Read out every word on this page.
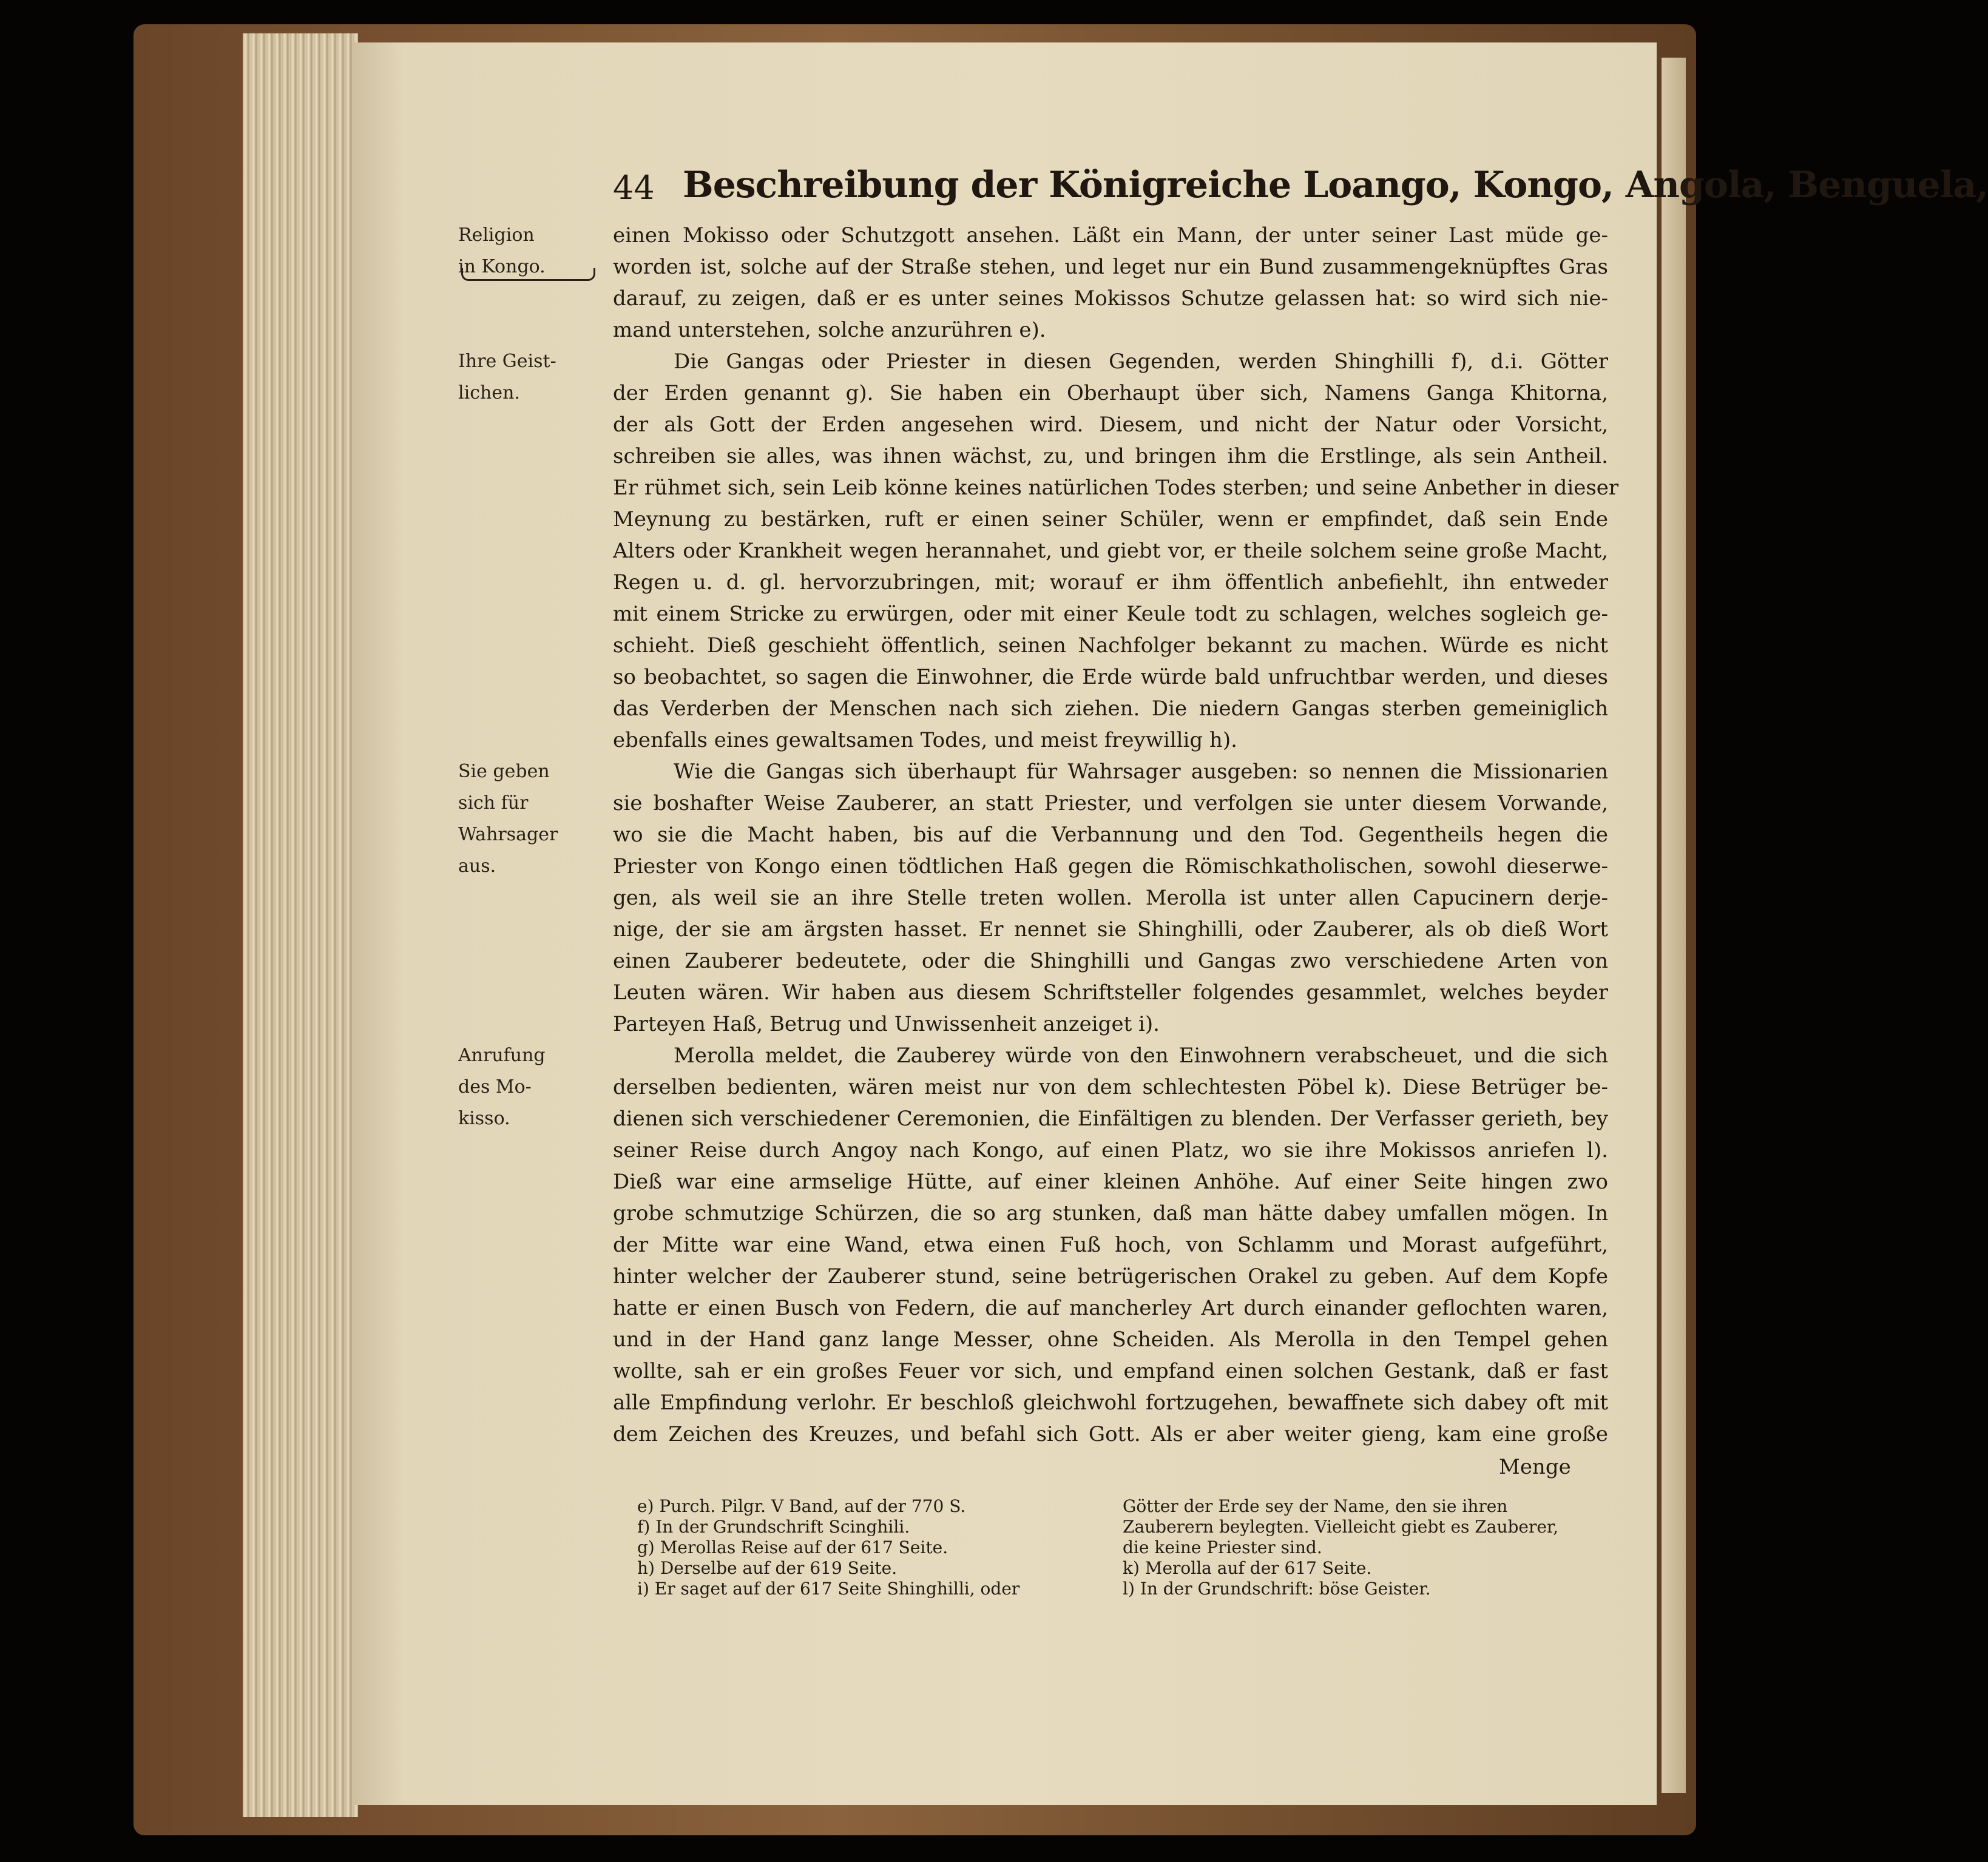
44 Beschreibung der Königreiche Loango, Kongo, Angola, Benguela,
Religion
in Kongo.
Ihre Geist-
lichen.
Sie geben
sich für
Wahrsager
aus.
Anrufung
des Mo-
kisso.
einen Mokisso oder Schutzgott ansehen. Läßt ein Mann, der unter seiner Last müde ge-
worden ist, solche auf der Straße stehen, und leget nur ein Bund zusammengeknüpftes Gras
darauf, zu zeigen, daß er es unter seines Mokissos Schutze gelassen hat: so wird sich nie-
mand unterstehen, solche anzurühren e).
Die Gangas oder Priester in diesen Gegenden, werden Shinghilli f), d.i. Götter
der Erden genannt g). Sie haben ein Oberhaupt über sich, Namens Ganga Khitorna,
der als Gott der Erden angesehen wird. Diesem, und nicht der Natur oder Vorsicht,
schreiben sie alles, was ihnen wächst, zu, und bringen ihm die Erstlinge, als sein Antheil.
Er rühmet sich, sein Leib könne keines natürlichen Todes sterben; und seine Anbether in dieser
Meynung zu bestärken, ruft er einen seiner Schüler, wenn er empfindet, daß sein Ende
Alters oder Krankheit wegen herannahet, und giebt vor, er theile solchem seine große Macht,
Regen u. d. gl. hervorzubringen, mit; worauf er ihm öffentlich anbefiehlt, ihn entweder
mit einem Stricke zu erwürgen, oder mit einer Keule todt zu schlagen, welches sogleich ge-
schieht. Dieß geschieht öffentlich, seinen Nachfolger bekannt zu machen. Würde es nicht
so beobachtet, so sagen die Einwohner, die Erde würde bald unfruchtbar werden, und dieses
das Verderben der Menschen nach sich ziehen. Die niedern Gangas sterben gemeiniglich
ebenfalls eines gewaltsamen Todes, und meist freywillig h).
Wie die Gangas sich überhaupt für Wahrsager ausgeben: so nennen die Missionarien
sie boshafter Weise Zauberer, an statt Priester, und verfolgen sie unter diesem Vorwande,
wo sie die Macht haben, bis auf die Verbannung und den Tod. Gegentheils hegen die
Priester von Kongo einen tödtlichen Haß gegen die Römischkatholischen, sowohl dieserwe-
gen, als weil sie an ihre Stelle treten wollen. Merolla ist unter allen Capucinern derje-
nige, der sie am ärgsten hasset. Er nennet sie Shinghilli, oder Zauberer, als ob dieß Wort
einen Zauberer bedeutete, oder die Shinghilli und Gangas zwo verschiedene Arten von
Leuten wären. Wir haben aus diesem Schriftsteller folgendes gesammlet, welches beyder
Parteyen Haß, Betrug und Unwissenheit anzeiget i).
Merolla meldet, die Zauberey würde von den Einwohnern verabscheuet, und die sich
derselben bedienten, wären meist nur von dem schlechtesten Pöbel k). Diese Betrüger be-
dienen sich verschiedener Ceremonien, die Einfältigen zu blenden. Der Verfasser gerieth, bey
seiner Reise durch Angoy nach Kongo, auf einen Platz, wo sie ihre Mokissos anriefen l).
Dieß war eine armselige Hütte, auf einer kleinen Anhöhe. Auf einer Seite hingen zwo
grobe schmutzige Schürzen, die so arg stunken, daß man hätte dabey umfallen mögen. In
der Mitte war eine Wand, etwa einen Fuß hoch, von Schlamm und Morast aufgeführt,
hinter welcher der Zauberer stund, seine betrügerischen Orakel zu geben. Auf dem Kopfe
hatte er einen Busch von Federn, die auf mancherley Art durch einander geflochten waren,
und in der Hand ganz lange Messer, ohne Scheiden. Als Merolla in den Tempel gehen
wollte, sah er ein großes Feuer vor sich, und empfand einen solchen Gestank, daß er fast
alle Empfindung verlohr. Er beschloß gleichwohl fortzugehen, bewaffnete sich dabey oft mit
dem Zeichen des Kreuzes, und befahl sich Gott. Als er aber weiter gieng, kam eine große
Menge
e) Purch. Pilgr. V Band, auf der 770 S.
f) In der Grundschrift Scinghili.
g) Merollas Reise auf der 617 Seite.
h) Derselbe auf der 619 Seite.
i) Er saget auf der 617 Seite Shinghilli, oder
Götter der Erde sey der Name, den sie ihren
Zauberern beylegten. Vielleicht giebt es Zauberer,
die keine Priester sind.
k) Merolla auf der 617 Seite.
l) In der Grundschrift: böse Geister.
